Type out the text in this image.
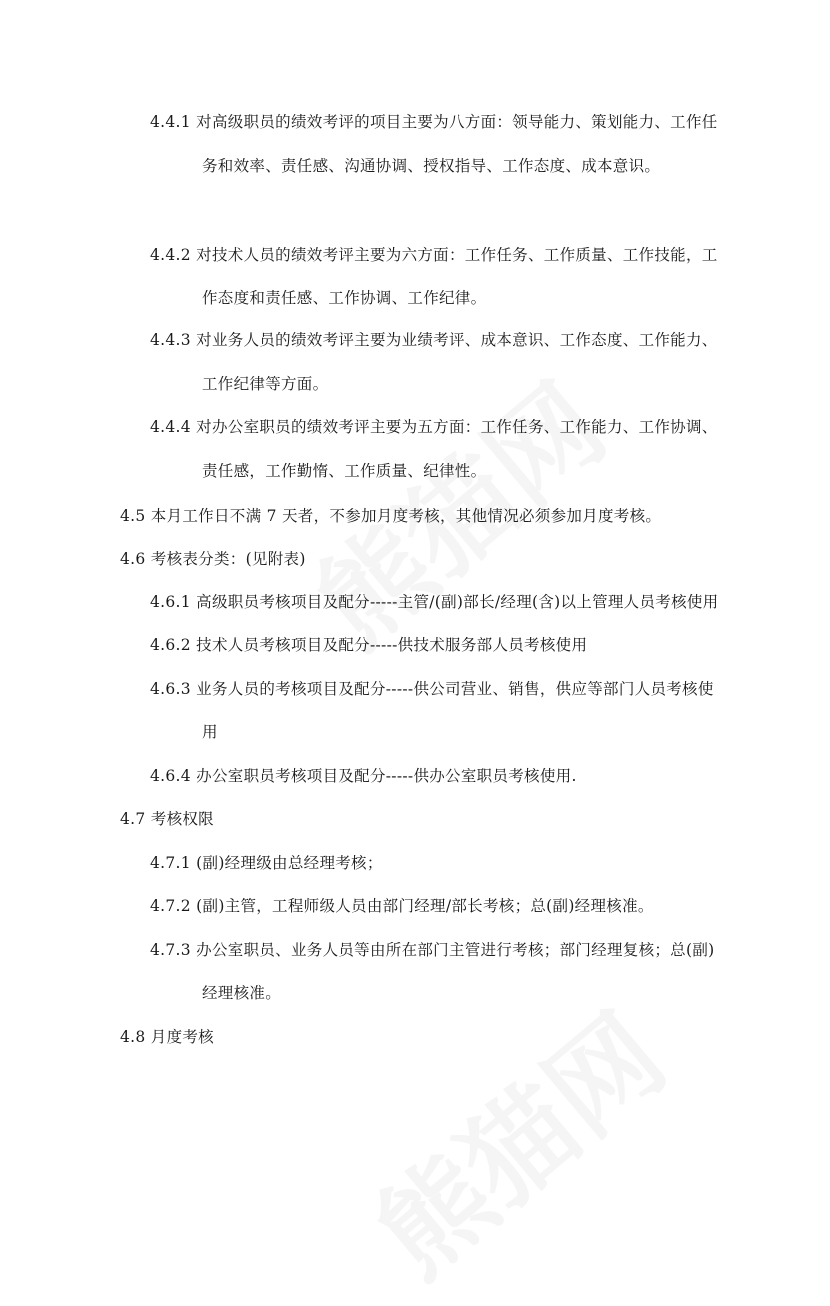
4.4.1 对高级职员的绩效考评的项目主要为八方面：领导能力、策划能力、工作任
务和效率、责任感、沟通协调、授权指导、工作态度、成本意识。
4.4.2 对技术人员的绩效考评主要为六方面：工作任务、工作质量、工作技能，工
作态度和责任感、工作协调、工作纪律。
4.4.3 对业务人员的绩效考评主要为业绩考评、成本意识、工作态度、工作能力、
工作纪律等方面。
4.4.4 对办公室职员的绩效考评主要为五方面：工作任务、工作能力、工作协调、
责任感，工作勤惰、工作质量、纪律性。
4.5 本月工作日不满 7 天者，不参加月度考核，其他情况必须参加月度考核。
4.6 考核表分类：(见附表)
4.6.1 高级职员考核项目及配分-----主管/(副)部长/经理(含)以上管理人员考核使用
4.6.2 技术人员考核项目及配分-----供技术服务部人员考核使用
4.6.3 业务人员的考核项目及配分-----供公司营业、销售，供应等部门人员考核使
用
4.6.4 办公室职员考核项目及配分-----供办公室职员考核使用.
4.7 考核权限
4.7.1 (副)经理级由总经理考核；
4.7.2 (副)主管，工程师级人员由部门经理/部长考核；总(副)经理核准。
4.7.3 办公室职员、业务人员等由所在部门主管进行考核；部门经理复核；总(副)
经理核准。
4.8 月度考核
